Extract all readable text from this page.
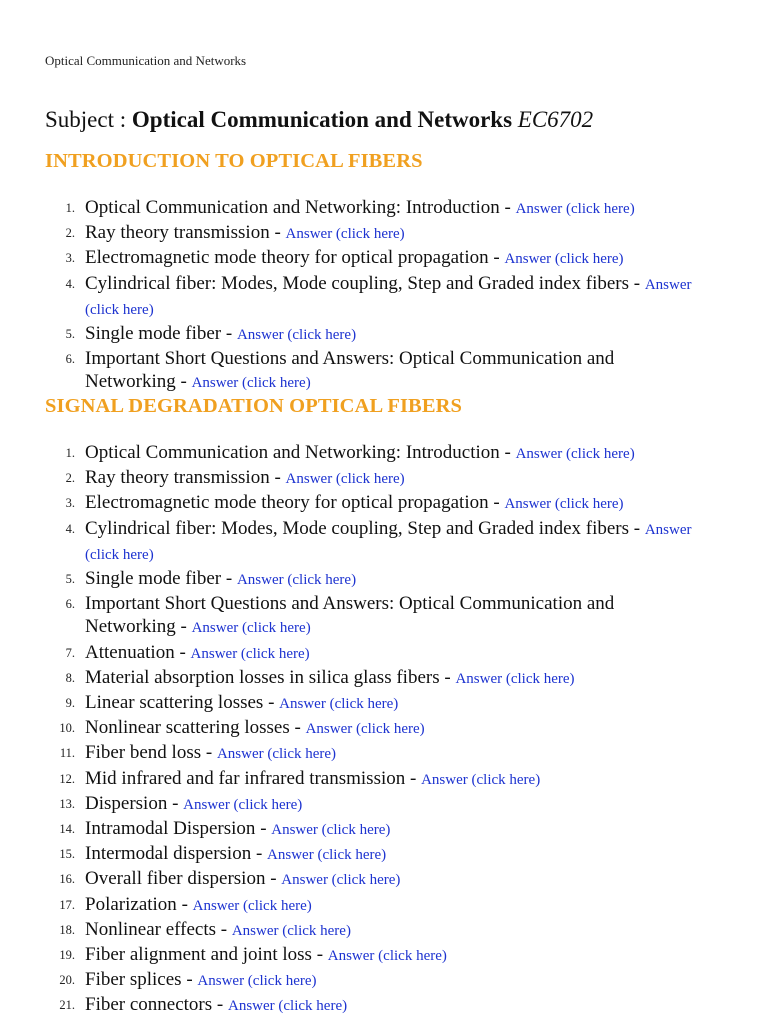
Optical Communication and Networks
Subject : Optical Communication and Networks EC6702
INTRODUCTION TO OPTICAL FIBERS
1. Optical Communication and Networking: Introduction - Answer (click here)
2. Ray theory transmission - Answer (click here)
3. Electromagnetic mode theory for optical propagation - Answer (click here)
4. Cylindrical fiber: Modes, Mode coupling, Step and Graded index fibers - Answer (click here)
5. Single mode fiber - Answer (click here)
6. Important Short Questions and Answers: Optical Communication and Networking - Answer (click here)
SIGNAL DEGRADATION OPTICAL FIBERS
1. Optical Communication and Networking: Introduction - Answer (click here)
2. Ray theory transmission - Answer (click here)
3. Electromagnetic mode theory for optical propagation - Answer (click here)
4. Cylindrical fiber: Modes, Mode coupling, Step and Graded index fibers - Answer (click here)
5. Single mode fiber - Answer (click here)
6. Important Short Questions and Answers: Optical Communication and Networking - Answer (click here)
7. Attenuation - Answer (click here)
8. Material absorption losses in silica glass fibers - Answer (click here)
9. Linear scattering losses - Answer (click here)
10. Nonlinear scattering losses - Answer (click here)
11. Fiber bend loss - Answer (click here)
12. Mid infrared and far infrared transmission - Answer (click here)
13. Dispersion - Answer (click here)
14. Intramodal Dispersion - Answer (click here)
15. Intermodal dispersion - Answer (click here)
16. Overall fiber dispersion - Answer (click here)
17. Polarization - Answer (click here)
18. Nonlinear effects - Answer (click here)
19. Fiber alignment and joint loss - Answer (click here)
20. Fiber splices - Answer (click here)
21. Fiber connectors - Answer (click here)
